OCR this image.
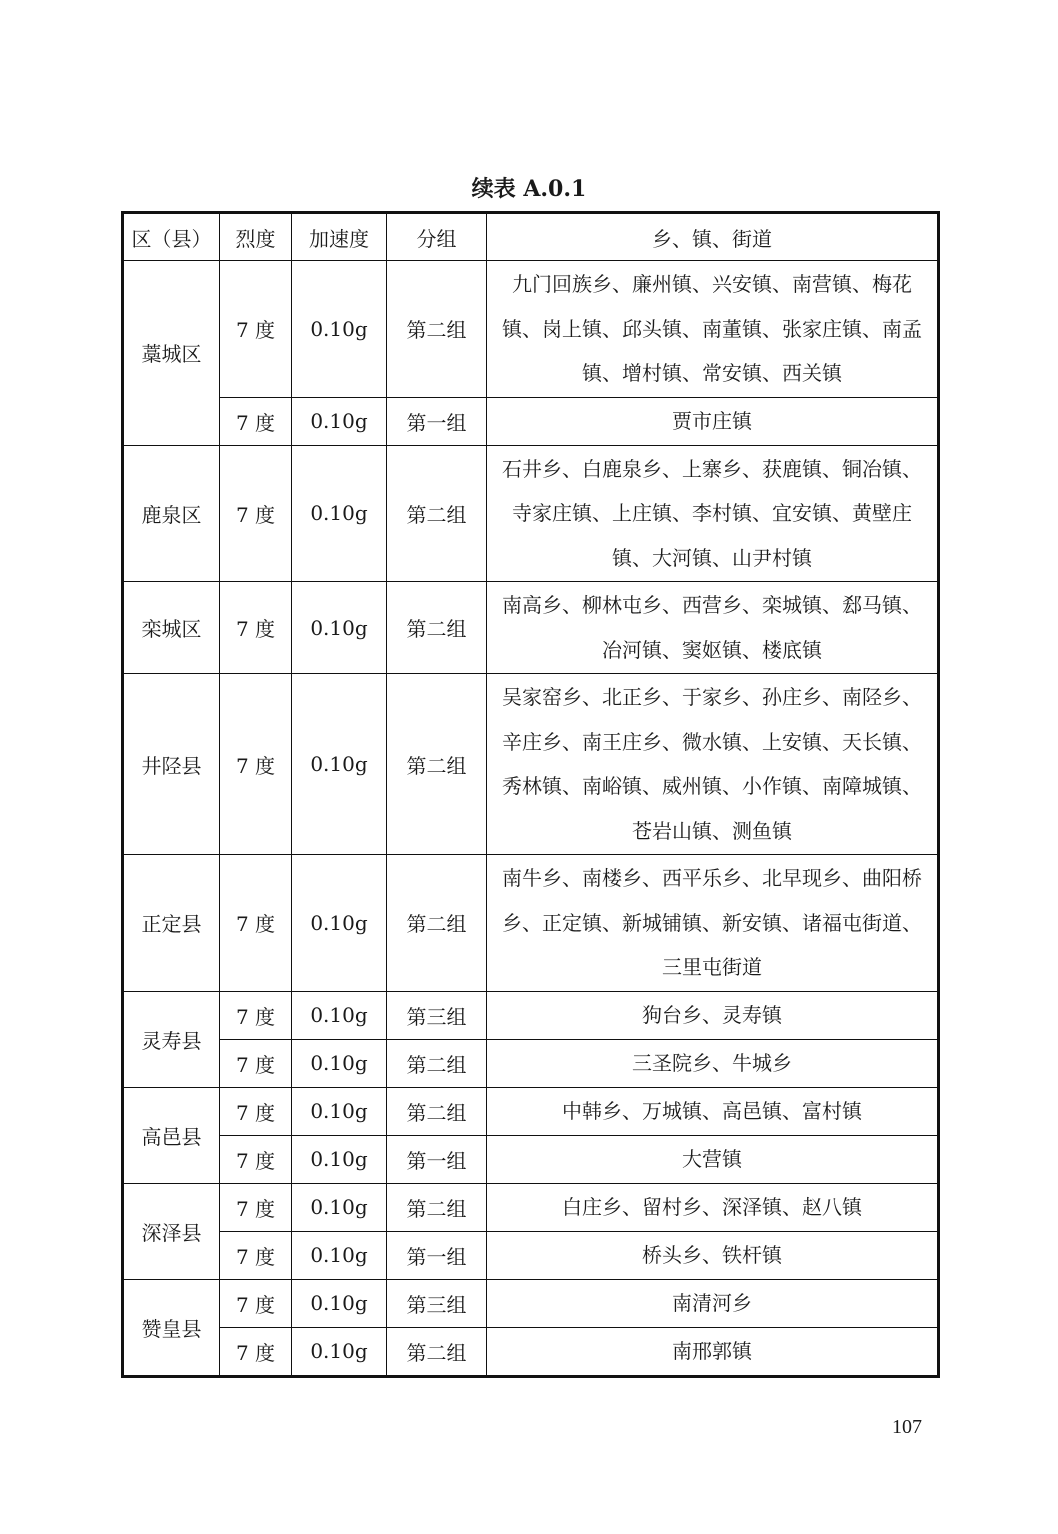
续表 A.0.1
区（县）	烈度	加速度	分组	乡、镇、街道
藁城区	7 度	0.10g	第二组	九门回族乡、廉州镇、兴安镇、南营镇、梅花镇、岗上镇、邱头镇、南董镇、张家庄镇、南孟镇、增村镇、常安镇、西关镇
	7 度	0.10g	第一组	贾市庄镇
鹿泉区	7 度	0.10g	第二组	石井乡、白鹿泉乡、上寨乡、获鹿镇、铜冶镇、寺家庄镇、上庄镇、李村镇、宜安镇、黄壁庄镇、大河镇、山尹村镇
栾城区	7 度	0.10g	第二组	南高乡、柳林屯乡、西营乡、栾城镇、郄马镇、冶河镇、窦妪镇、楼底镇
井陉县	7 度	0.10g	第二组	吴家窑乡、北正乡、于家乡、孙庄乡、南陉乡、辛庄乡、南王庄乡、微水镇、上安镇、天长镇、秀林镇、南峪镇、威州镇、小作镇、南障城镇、苍岩山镇、测鱼镇
正定县	7 度	0.10g	第二组	南牛乡、南楼乡、西平乐乡、北早现乡、曲阳桥乡、正定镇、新城铺镇、新安镇、诸福屯街道、三里屯街道
灵寿县	7 度	0.10g	第三组	狗台乡、灵寿镇
	7 度	0.10g	第二组	三圣院乡、牛城乡
高邑县	7 度	0.10g	第二组	中韩乡、万城镇、高邑镇、富村镇
	7 度	0.10g	第一组	大营镇
深泽县	7 度	0.10g	第二组	白庄乡、留村乡、深泽镇、赵八镇
	7 度	0.10g	第一组	桥头乡、铁杆镇
赞皇县	7 度	0.10g	第三组	南清河乡
	7 度	0.10g	第二组	南邢郭镇
107
